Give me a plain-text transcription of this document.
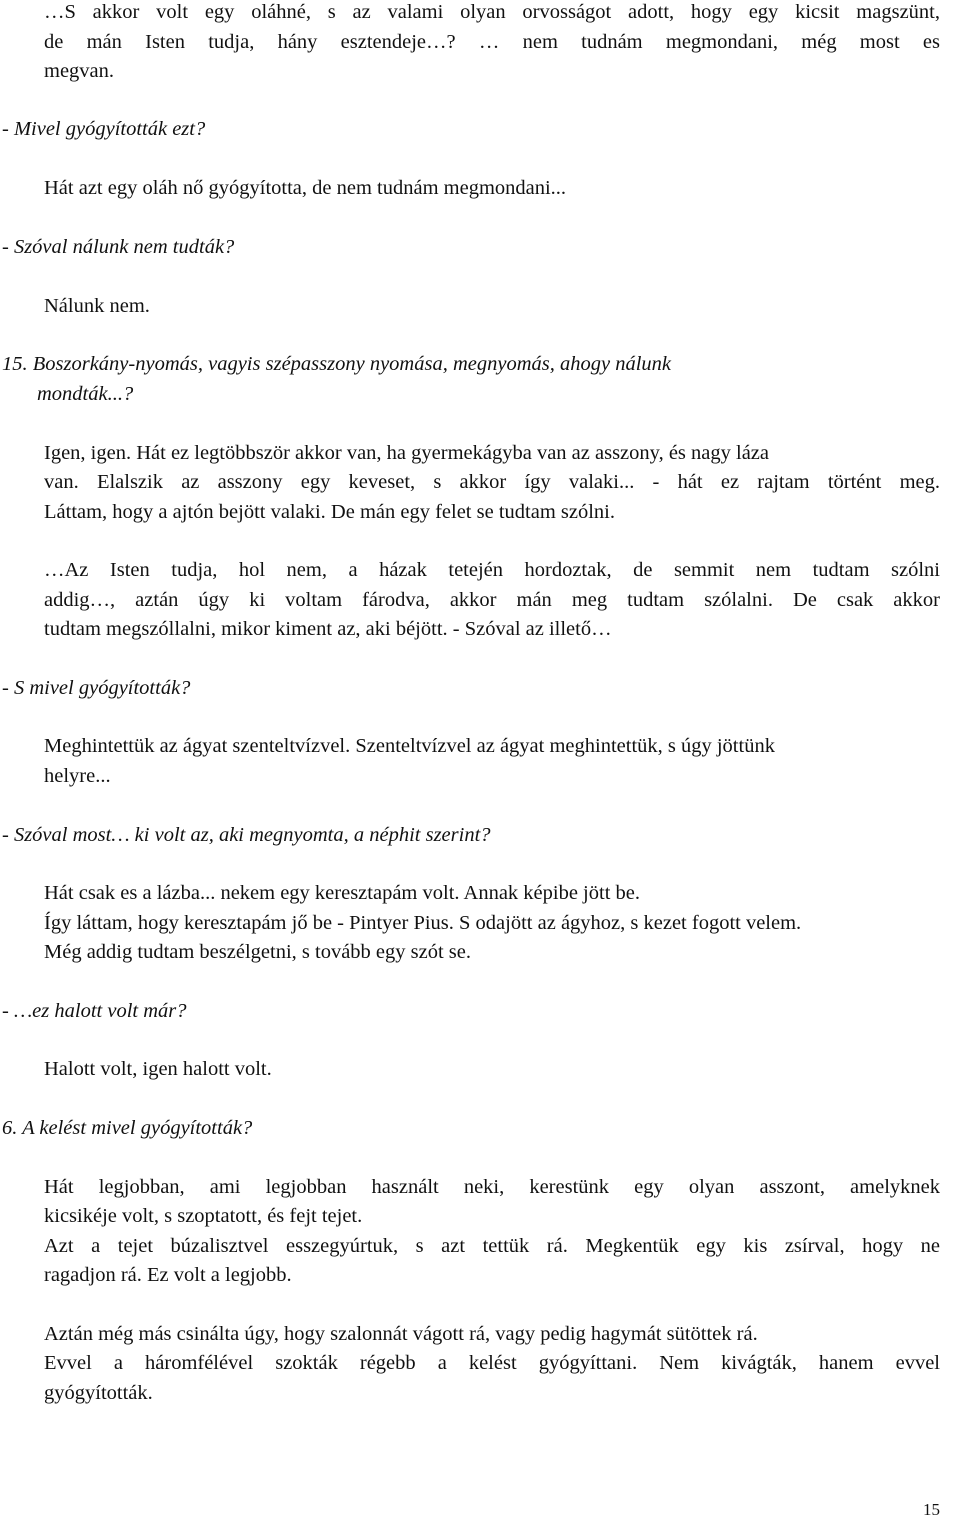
…S akkor volt egy oláhné, s az valami olyan orvosságot adott, hogy egy kicsit magszünt,
de mán Isten tudja, hány esztendeje…? … nem tudnám megmondani, még most es
megvan.
- Mivel gyógyították ezt?
Hát azt egy oláh nő gyógyította, de nem tudnám megmondani...
- Szóval nálunk nem tudták?
Nálunk nem.
15. Boszorkány-nyomás, vagyis szépasszony nyomása, megnyomás, ahogy nálunk
mondták...?
Igen, igen. Hát ez legtöbbször akkor van, ha gyermekágyba van az asszony, és nagy láza
van. Elalszik az asszony egy keveset, s akkor így valaki... - hát ez rajtam történt meg.
Láttam, hogy a ajtón bejött valaki. De mán egy felet se tudtam szólni.
…Az Isten tudja, hol nem, a házak tetején hordoztak, de semmit nem tudtam szólni
addig…, aztán úgy ki voltam fárodva, akkor mán meg tudtam szólalni. De csak akkor
tudtam megszóllalni, mikor kiment az, aki béjött. - Szóval az illető…
- S mivel gyógyították?
Meghintettük az ágyat szenteltvízvel. Szenteltvízvel az ágyat meghintettük, s úgy jöttünk
helyre...
- Szóval most… ki volt az, aki megnyomta, a néphit szerint?
Hát csak es a lázba... nekem egy keresztapám volt. Annak képibe jött be.
Így láttam, hogy keresztapám jő be - Pintyer Pius. S odajött az ágyhoz, s kezet fogott velem.
Még addig tudtam beszélgetni, s tovább egy szót se.
- …ez halott volt már?
Halott volt, igen halott volt.
6. A kelést mivel gyógyították?
Hát legjobban, ami legjobban használt neki, kerestünk egy olyan asszont, amelyknek
kicsikéje volt, s szoptatott, és fejt tejet.
Azt a tejet búzalisztvel esszegyúrtuk, s azt tettük rá. Megkentük egy kis zsírval, hogy ne
ragadjon rá. Ez volt a legjobb.
Aztán még más csinálta úgy, hogy szalonnát vágott rá, vagy pedig hagymát sütöttek rá.
Evvel a háromfélével szokták régebb a kelést gyógyíttani. Nem kivágták, hanem evvel
gyógyították.
15
